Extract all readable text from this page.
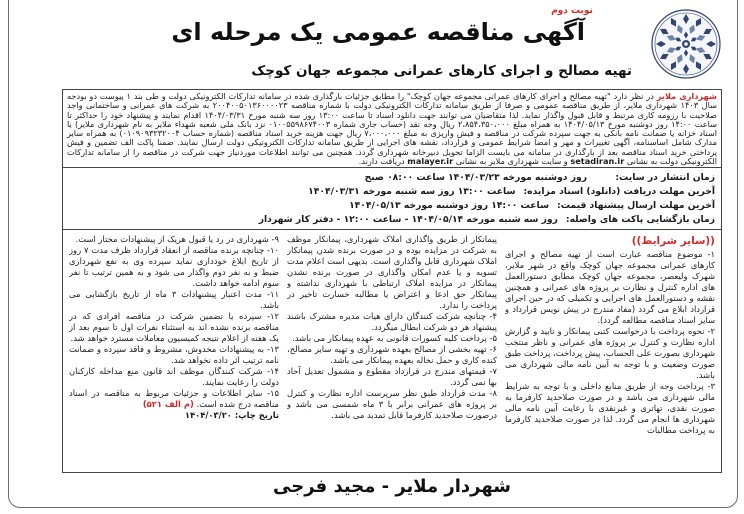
نوبت دوم
آگهی مناقصه عمومی یک مرحله ای
تهیه مصالح و اجرای کارهای عمرانی مجموعه جهان کوچک

شهرداری ملایر در نظر دارد "تهیه مصالح و اجرای کارهای عمرانی مجموعه جهان کوچک" را مطابق جزئیات بارگذاری شده در سامانه تدارکات الکترونیکی دولت و طی بند ۱ پیوست دو بودجه سال ۱۴۰۳ شهرداری ملایر، از طریق مناقصه عمومی و صرفا از طریق سامانه تدارکات الکترونیکی دولت با شماره مناقصه ۲۰۰۴۰۰۵۰۱۳۶۰۰۰۰۲۳ به شرکت های عمرانی و ساختمانی واجد صلاحیت با رزومه کاری مرتبط و قابل قبول واگذار نماید. لذا متقاضیان می توانند جهت دانلود اسناد تا ساعت ۱۳:۰۰ روز سه شنبه مورخ ۱۴۰۴/۰۳/۳۱ اقدام نمایند و پیشنهاد خود را حداکثر تا ساعت ۱۴:۰۰ روز دوشنبه مورخ ۱۴۰۴/۰۵/۱۳ به همراه مبلغ ۲،۸۵۴،۳۵۰،۰۰۰ ریال وجه نقد (حساب جاری شماره ۰۱۰۰۵۵۹۸۶۷۴۰۰۳ نزد بانک ملی شعبه شهداء ملایر به نام شهرداری ملایر) یا اسناد خزانه یا ضمانت نامه بانکی به جهت سپرده شرکت در مناقصه و فیش واریزی به مبلغ ۷،۰۰۰،۰۰۰ ریال جهت هزینه خرید اسناد مناقصه (شماره حساب ۰۱۰۹۰۹۳۲۳۲۰۰۴) به همراه سایر مدارک شامل اساسنامه، آگهی تغییرات و مهر و امضا شرایط عمومی و قرارداد، نقشه های اجرایی از طریق سامانه تدارکات الکترونیکی دولت ارسال نمایند. ضمنا پاکت الف تضمین و فیش پرداختی خرید اسناد مناقصه بعد از بارگذاری در سامانه می بایست الزاما تحویل دبیرخانه شهرداری گردد. همچنین می توانند اطلاعات موردنیاز جهت شرکت در مناقصه را از سامانه تدارکات الکترونیکی دولت به نشانی setadiran.ir و سایت شهرداری ملایر به نشانی malayer.ir دریافت دارند.

زمان انتشار در سایت:روز دوشنبه مورخه ۱۴۰۴/۰۳/۲۳ ساعت ۰۸:۰۰ صبح
آخرین مهلت دریافت (دانلود) اسناد مزایده:ساعت ۱۳:۰۰ روز سه شنبه مورخه ۱۴۰۴/۰۳/۳۱
آخرین مهلت ارسال پیشنهاد قیمت:ساعت ۱۴:۰۰ روز دوشنبه مورخه ۱۴۰۴/۰۵/۱۳
زمان بازگشایی پاکت های واصله:روز سه شنبه مورخه ۱۴۰۴/۰۵/۱۴ - ساعت ۱۲:۰۰ - دفتر کار شهردار
((سایر شرایط))

۱- موضوع مناقصه عبارت است از تهیه مصالح و اجرای کارهای عمرانی مجموعه جهان کوچک واقع در شهر ملایر، شهرک ولیعصر، مجموعه جهان کوچک مطابق دستورالعمل های اداره کنترل و نظارت بر پروژه های عمرانی و همچنین نقشه و دستورالعمل های اجرایی و تکمیلی که در حین اجرای قرارداد ابلاغ می گردد (مفاد مندرج در پیش نویس قرارداد و سایر اسناد مناقصه مطالعه گردد).

۲- نحوه پرداخت با درخواست کتبی پیمانکار و تایید و گزارش اداره نظارت و کنترل بر پروژه های عمرانی و ناظر منتخب شهرداری بصورت علی الحساب، پیش پرداخت، پرداخت طبق صورت وضعیت و با توجه به آیین نامه مالی شهرداری می باشد.

۳- پرداخت وجه از طریق منابع داخلی و با توجه به شرایط مالی شهرداری می باشد و در صورت صلاحدید کارفرما به صورت نقدی، تهاتری و غیرنقدی با رعایت آیین نامه مالی شهرداری ها انجام می گردد. لذا در صورت صلاحدید کارفرما به پرداخت مطالبات

پیمانکار از طریق واگذاری املاک شهرداری، پیمانکار موظف به شرکت در مزایده بوده و در صورت برنده شدن پیمانکار املاک شهرداری قابل واگذاری است. بدیهی است اعلام مدت تسویه و یا عدم امکان واگذاری در صورت برنده نشدن پیمانکار در مزایده املاک ارتباطی با شهرداری نداشته و پیمانکار حق ادعا و اعتراض یا مطالبه خسارت تاخیر در پرداخت را ندارد.

۴- چنانچه شرکت کنندگان دارای هیات مدیره مشترک باشند پیشنهاد هر دو شرکت ابطال میگردد.

۵- پرداخت کلیه کسورات قانونی به عهده پیمانکار می باشد.

۶- تهیه بخشی از مصالح بعهده شهرداری و تهیه سایر مصالح، کنده کاری و حمل نخاله بعهده پیمانکار می باشد.

۷- قیمتهای مندرج در قرارداد مقطوع و مشمول تعدیل آحاد بها نمی گردد.

۸- مدت قرارداد طبق نظر سرپرست اداره نظارت و کنترل بر پروژه های عمرانی برابر با ۳ ماه شمسی می باشد و درصورت صلاحدید کارفرما قابل تمدید می باشد.

۹- شهرداری در رد یا قبول هریک از پیشنهادات مختار است.

۱۰- چنانچه برنده مناقصه از انعقاد قرارداد ظرف مدت ۷ روز از تاریخ ابلاغ خودداری نماید سپرده وی به نفع شهرداری ضبط و به نفر دوم واگذار می شود و به همین ترتیب تا نفر سوم ادامه خواهد داشت.

۱۱- مدت اعتبار پیشنهادات ۳ ماه از تاریخ بازگشایی می باشد.

۱۲- سپرده یا تضمین شرکت در مناقصه افرادی که در مناقصه برنده نشده اند به استثناء نفرات اول تا سوم بعد از یک هفته از اعلام نتیجه کمیسیون معاملات مسترد خواهد شد.

۱۳- به پیشنهادات مخدوش، مشروط و فاقد سپرده و ضمانت نامه ترتیب اثر داده نخواهد شد.

۱۴- شرکت کنندگان موظف اند قانون منع مداخله کارکنان دولت را رعایت نمایند.

۱۵- سایر اطلاعات و جزئیات مربوط به مناقصه در اسناد مناقصه درج شده است. (م الف ۵۲۱)

تاریخ چاپ: ۱۴۰۴/۰۳/۲۰

شهردار ملایر - مجید فرجی
